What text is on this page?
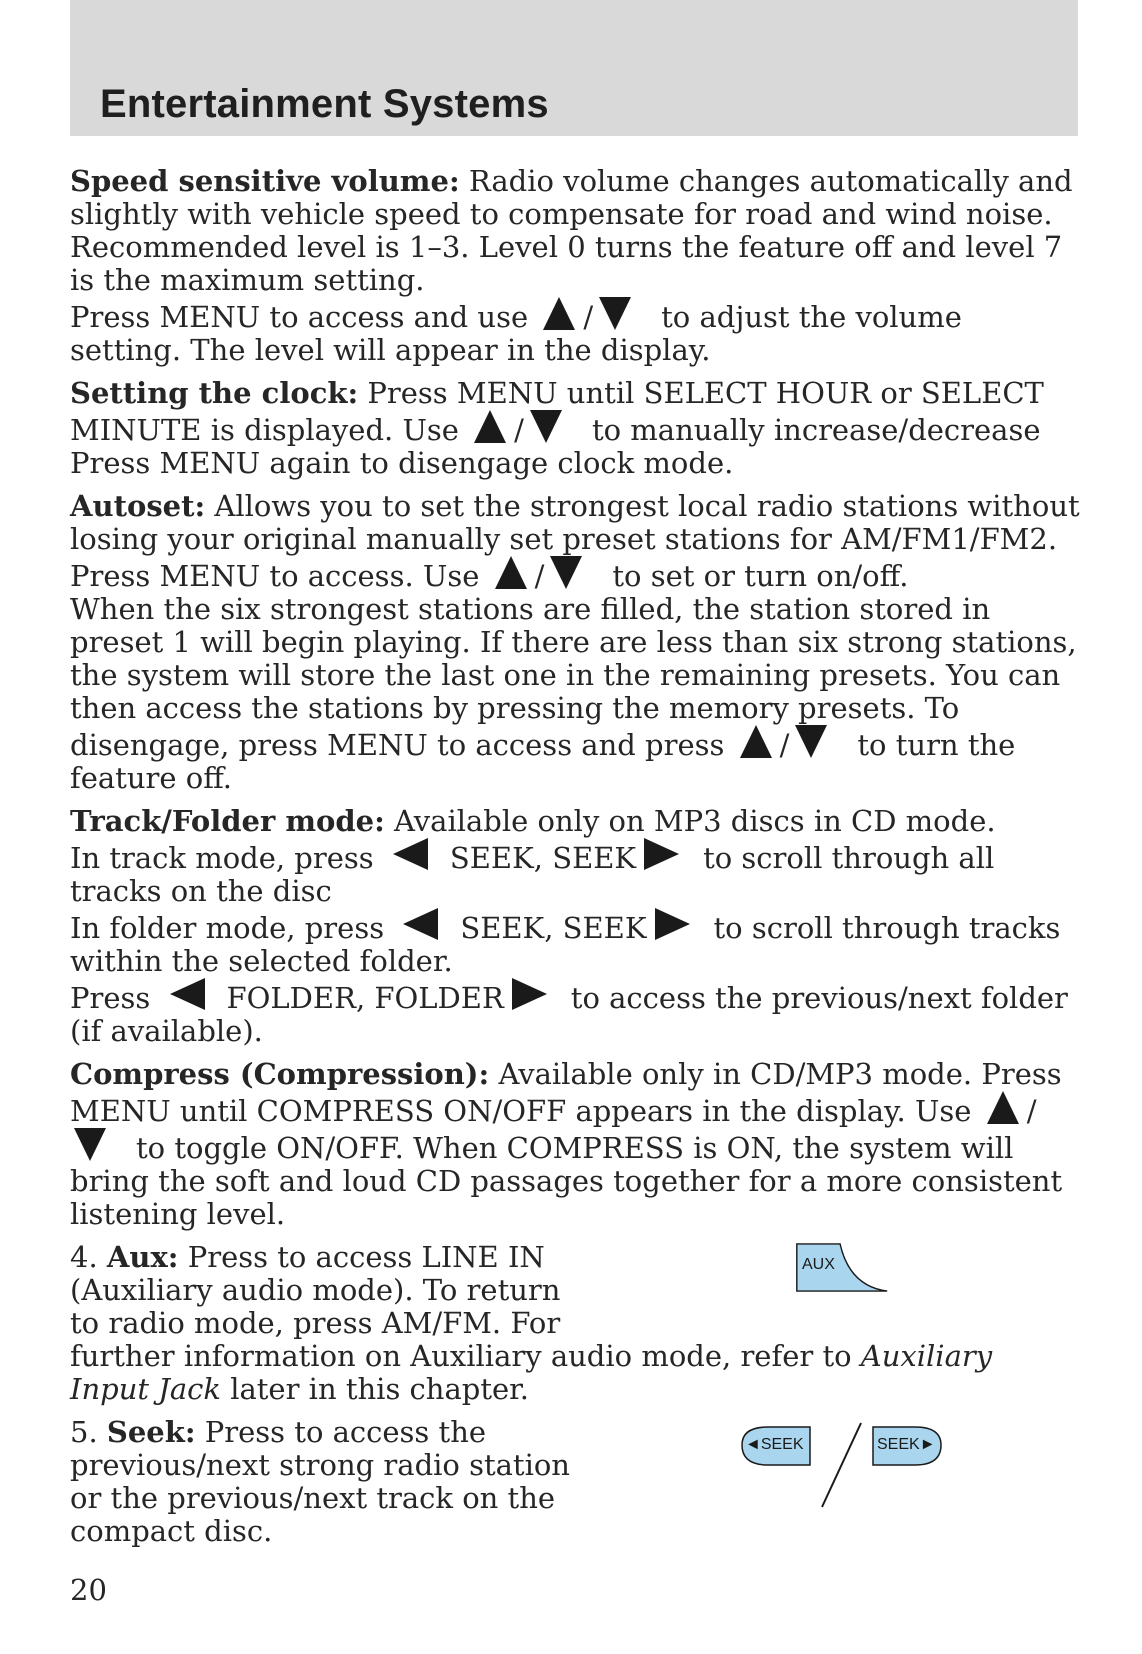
Entertainment Systems

Speed sensitive volume: Radio volume changes automatically and slightly with vehicle speed to compensate for road and wind noise. Recommended level is 1–3. Level 0 turns the feature off and level 7 is the maximum setting.

Press MENU to access and use / to adjust the volume setting. The level will appear in the display.

Setting the clock: Press MENU until SELECT HOUR or SELECT MINUTE is displayed. Use / to manually increase/decrease Press MENU again to disengage clock mode.

Autoset: Allows you to set the strongest local radio stations without losing your original manually set preset stations for AM/FM1/FM2. Press MENU to access. Use / to set or turn on/off.

When the six strongest stations are filled, the station stored in preset 1 will begin playing. If there are less than six strong stations, the system will store the last one in the remaining presets. You can then access the stations by pressing the memory presets. To disengage, press MENU to access and press / to turn the feature off.

Track/Folder mode: Available only on MP3 discs in CD mode.

In track mode, press SEEK, SEEK to scroll through all tracks on the disc

In folder mode, press SEEK, SEEK to scroll through tracks within the selected folder.

Press FOLDER, FOLDER to access the previous/next folder (if available).

Compress (Compression): Available only in CD/MP3 mode. Press MENU until COMPRESS ON/OFF appears in the display. Use /to toggle ON/OFF. When COMPRESS is ON, the system will bring the soft and loud CD passages together for a more consistent listening level.

4. Aux: Press to access LINE IN (Auxiliary audio mode). To return to radio mode, press AM/FM. For

further information on Auxiliary audio mode, refer to Auxiliary Input Jack later in this chapter.

5. Seek: Press to access the previous/next strong radio station or the previous/next track on the compact disc.

AUX
◄SEEK	SEEK►

20
